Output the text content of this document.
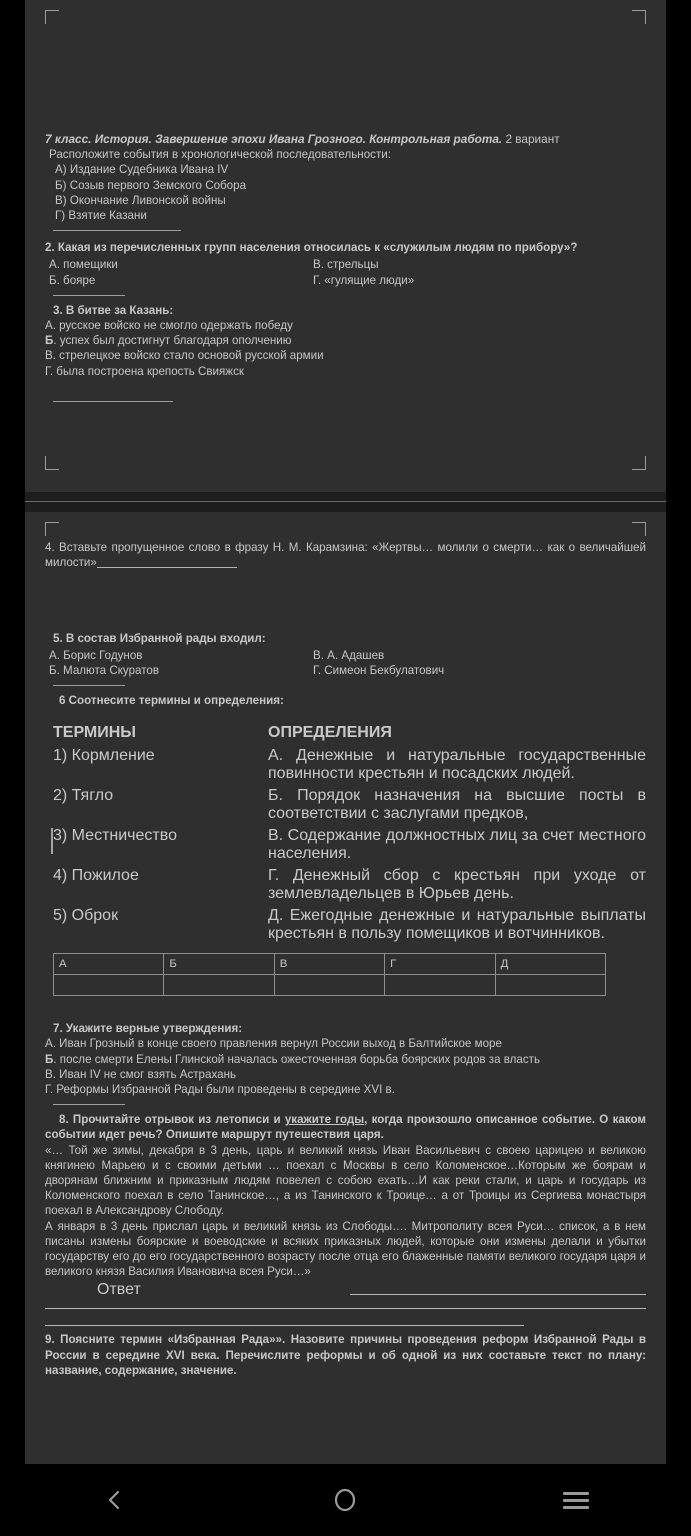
7 класс. История. Завершение эпохи Ивана Грозного. Контрольная работа. 2 вариант

Расположите события в хронологической последовательности:
А) Издание Судебника Ивана IV
Б) Созыв первого Земского Собора
В) Окончание Ливонской войны
Г) Взятие Казани

2. Какая из перечисленных групп населения относилась к «служилым людям по прибору»?

А. помещики
Б. бояре
В. стрельцы
Г. «гулящие люди»
3. В битве за Казань:
А. русское войско не смогло одержать победу
Б. успех был достигнут благодаря ополчению
В. стрелецкое войско стало основой русской армии
Г. была построена крепость Свияжск

4. Вставьте пропущенное слово в фразу Н. М. Карамзина: «Жертвы… молили о смерти… как о величайшей милости»

5. В состав Избранной рады входил:
А. Борис Годунов
Б. Малюта Скуратов
В. А. Адашев
Г. Симеон Бекбулатович
6 Соотнесите термины и определения:
ТЕРМИНЫ	ОПРЕДЕЛЕНИЯ
1) Кормление	А. Денежные и натуральные государственные повинности крестьян и посадских людей.
2) Тягло	Б. Порядок назначения на высшие посты в соответствии с заслугами предков,
3) Местничество	В. Содержание должностных лиц за счет местного населения.
4) Пожилое	Г. Денежный сбор с крестьян при уходе от землевладельцев в Юрьев день.
5) Оброк	Д. Ежегодные денежные и натуральные выплаты крестьян в пользу помещиков и вотчинников.
А	Б	В	Г	Д

7. Укажите верные утверждения:
А. Иван Грозный в конце своего правления вернул России выход в Балтийское море

Б. после смерти Елены Глинской началась ожесточенная борьба боярских родов за власть

В. Иван IV не смог взять Астрахань
Г. Реформы Избранной Рады были проведены в середине XVI в.

8. Прочитайте отрывок из летописи и укажите годы, когда произошло описанное событие. О каком событии идет речь? Опишите маршрут путешествия царя.

«… Той же зимы, декабря в 3 день, царь и великий князь Иван Васильевич с своею царицею и великою княгинею Марьею и с своими детьми … поехал с Москвы в село Коломенское…Которым же боярам и дворянам ближним и приказным людям повелел с собою ехать…И как реки стали, и царь и государь из Коломенского поехал в село Танинское…, а из Танинского к Троице… а от Троицы из Сергиева монастыря поехал в Александрову Слободу.

А января в 3 день прислал царь и великий князь из Слободы…. Митрополиту всея Руси… список, а в нем писаны измены боярские и воеводские и всяких приказных людей, которые они измены делали и убытки государству его до его государственного возрасту после отца его блаженные памяти великого государя царя и великого князя Василия Ивановича всея Руси…»

Ответ

9. Поясните термин «Избранная Рада»». Назовите причины проведения реформ Избранной Рады в России в середине XVI века. Перечислите реформы и об одной из них составьте текст по плану: название, содержание, значение.
